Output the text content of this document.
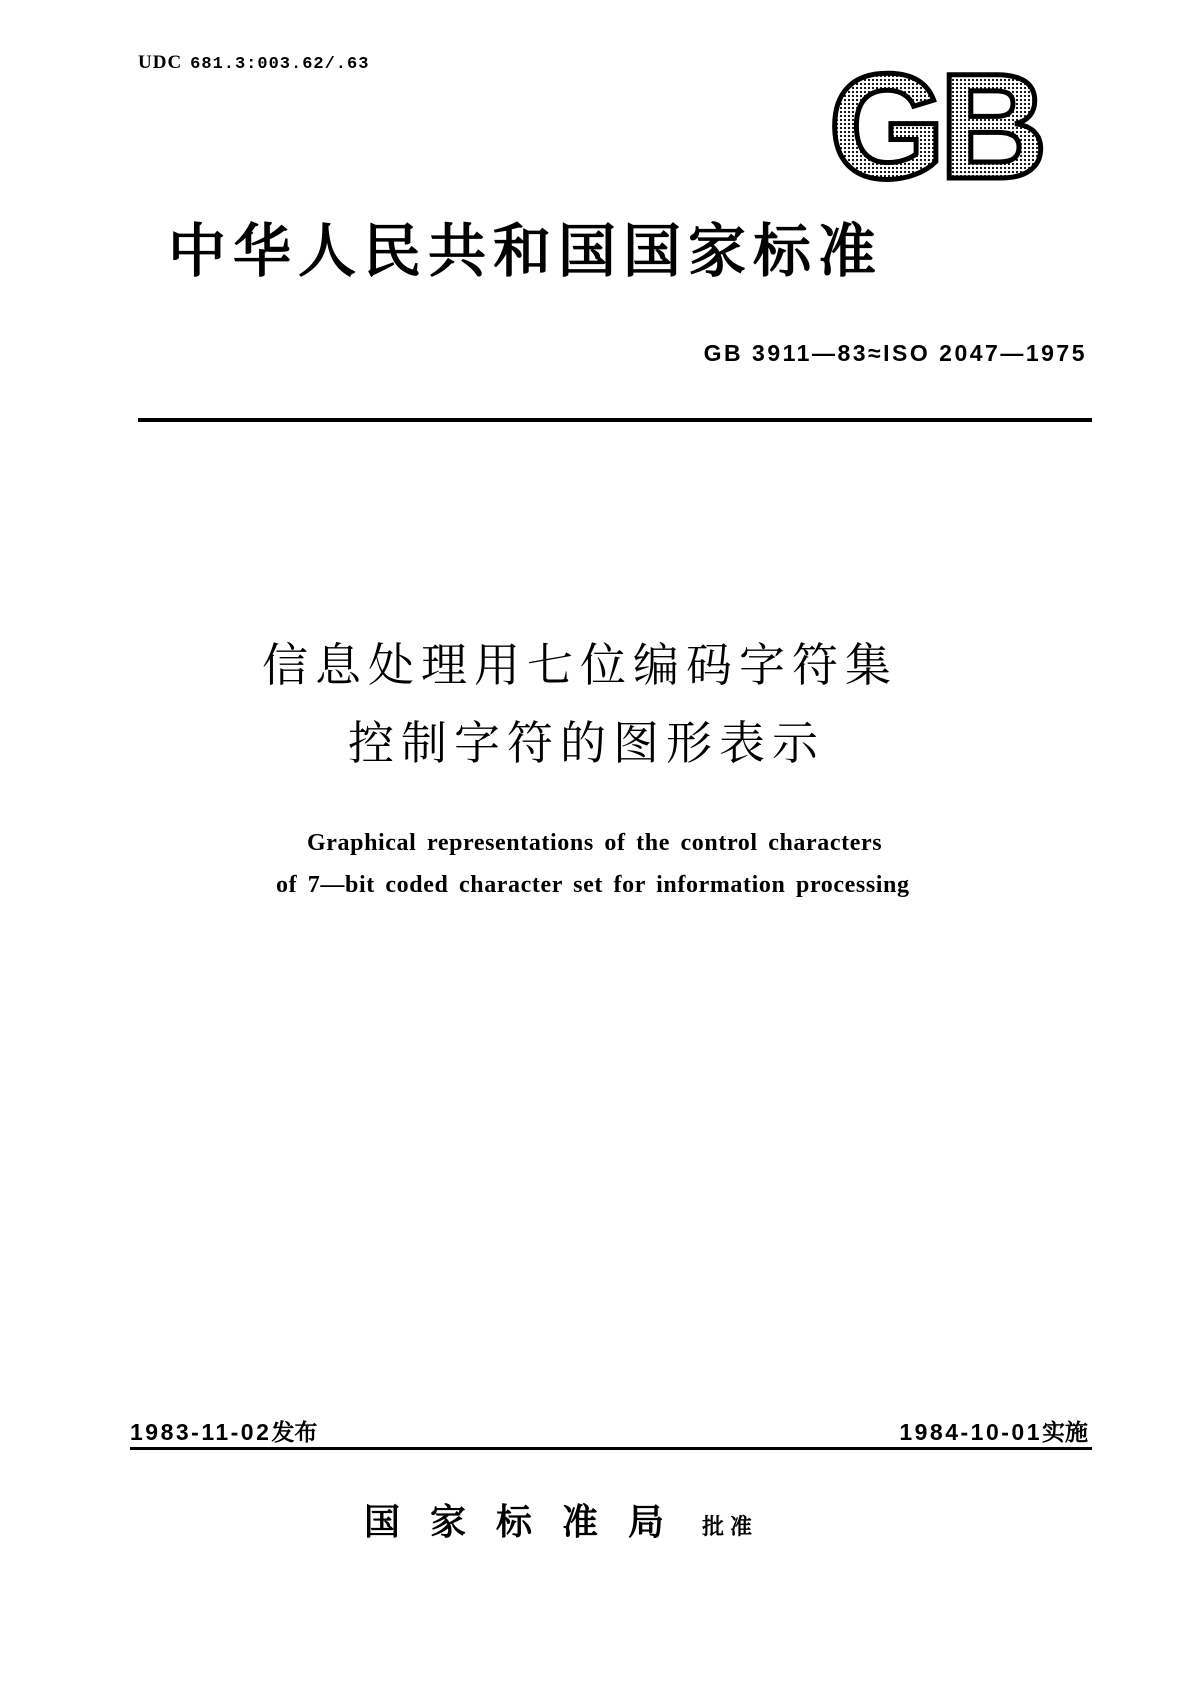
UDC 681.3:003.62/.63	GB
中华人民共和国国家标准
GB 3911—83≈ISO 2047—1975
信息处理用七位编码字符集
控制字符的图形表示
Graphical representations of the control characters
of 7—bit coded character set for information processing
1983-11-02发布	1984-10-01实施
国家标准局 批准
